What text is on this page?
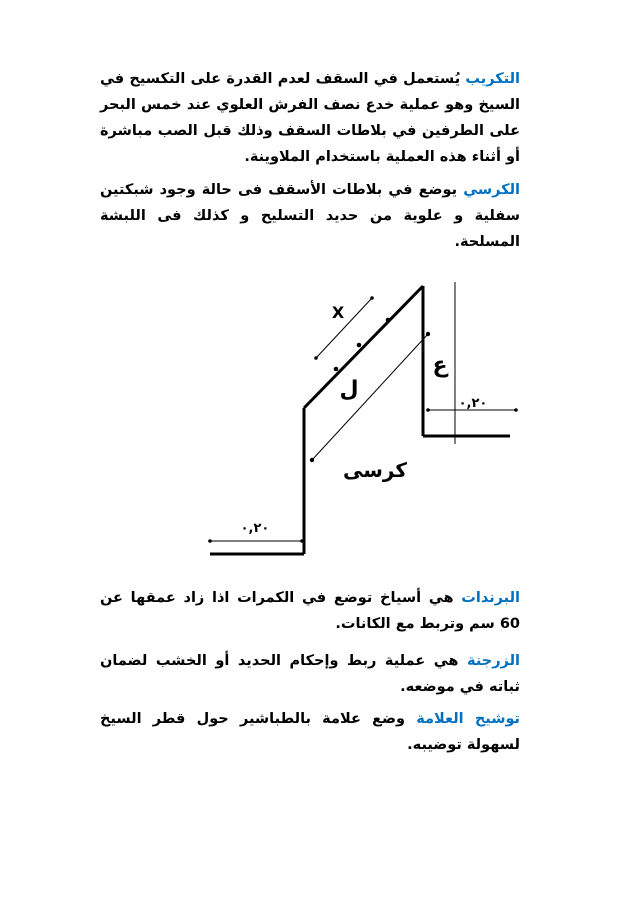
التكريب يُستعمل في السقف لعدم القدرة على التكسيح في السيخ وهو عملية خدع نصف الفرش العلوي عند خمس البحر على الطرفين في بلاطات السقف وذلك قبل الصب مباشرة أو أثناء هذه العملية باستخدام الملاوينة.

الكرسي يوضع في بلاطات الأسقف فى حالة وجود شبكتين سفلية و علوية من حديد التسليح و كذلك فى اللبشة المسلحة.

X
ل
ع
كرسى
٠,٢٠
٠,٢٠

البرندات هي أسياخ توضع في الكمرات اذا زاد عمقها عن 60 سم وتربط مع الكانات.

الزرجنة هي عملية ربط وإحكام الحديد أو الخشب لضمان ثباته في موضعه.

توشيح العلامة وضع علامة بالطباشير حول قطر السيخ لسهولة توضيبه.
